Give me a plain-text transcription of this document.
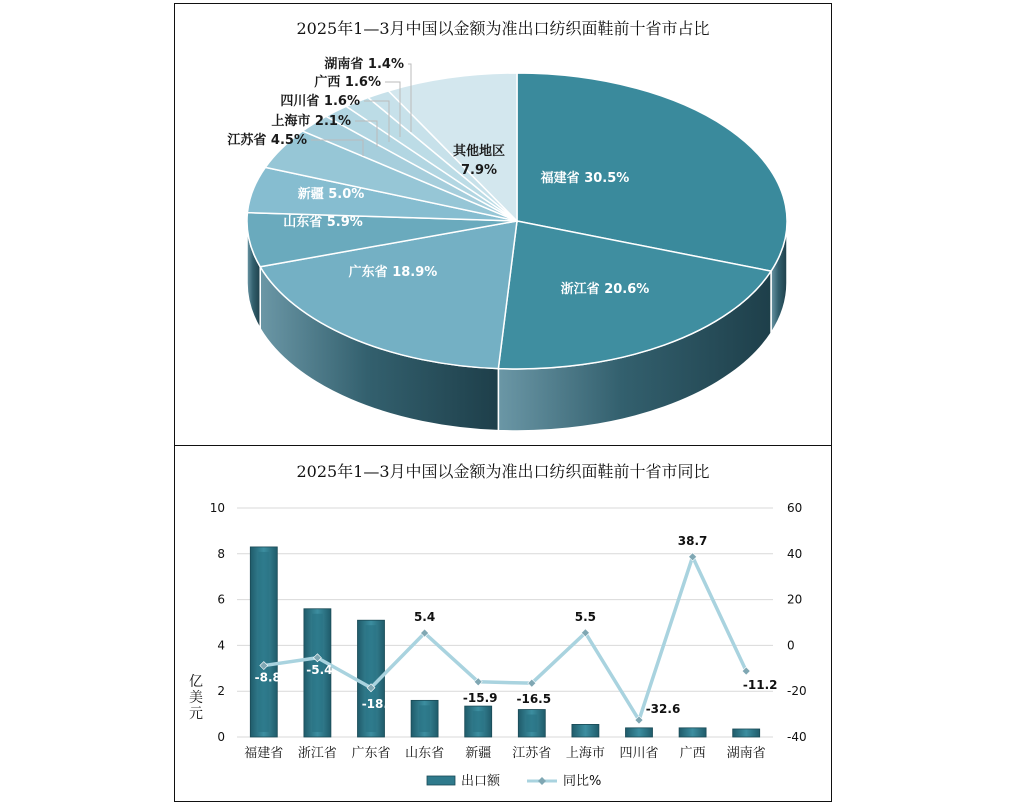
2025年1—3月中国以金额为准出口纺织面鞋前十省市占比
福建省 30.5%
浙江省 20.6%
广东省 18.9%
山东省 5.9%
新疆 5.0%
江苏省 4.5%
上海市 2.1%
四川省 1.6%
广西 1.6%
湖南省 1.4%
其他地区
7.9%
2025年1—3月中国以金额为准出口纺织面鞋前十省市同比
0
2
4
6
8
10
-40
-20
0
20
40
60
亿
美
元
-8.8
-5.4
-18.5
5.4
-15.9 -16.5
5.5
-32.6
38.7
-11.2
福建省 浙江省 广东省 山东省 新疆 江苏省 上海市 四川省 广西 湖南省
出口额	同比%
